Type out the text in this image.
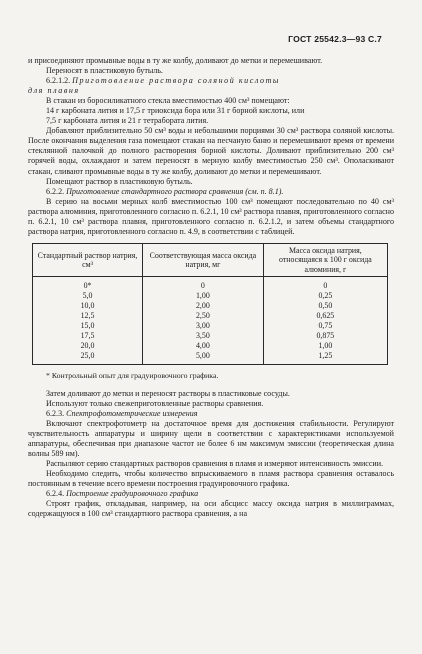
ГОСТ 25542.3—93 С.7

и присоединяют промывные воды в ту же колбу, доливают до метки и перемешивают.

Переносят в пластиковую бутыль.

6.2.1.2. Приготовление раствора соляной кислоты

для плавня

В стакан из боросиликатного стекла вместимостью 400 см³ помещают:

14 г карбоната лития и 17,5 г триоксида бора или 31 г борной кислоты, или

7,5 г карбоната лития и 21 г тетрабората лития.

Добавляют приблизительно 50 см³ воды и небольшими порциями 30 см³ раствора соляной кислоты. После окончания выделения газа помещают стакан на песчаную баню и перемешивают время от времени стеклянной палочкой до полного растворения борной кислоты. Доливают приблизительно 200 см³ горячей воды, охлаждают и затем переносят в мерную колбу вместимостью 250 см³. Ополаскивают стакан, сливают промывные воды в ту же колбу, доливают до метки и перемешивают.

Помещают раствор в пластиковую бутыль.

6.2.2. Приготовление стандартного раствора сравнения (см. п. 8.1).

В серию на восьми мерных колб вместимостью 100 см³ помещают последовательно по 40 см³ раствора алюминия, приготовленного согласно п. 6.2.1, 10 см³ раствора плавня, приготовленного согласно п. 6.2.1, 10 см³ раствора плавня, приготовленного согласно п. 6.2.1.2, и затем объемы стандартного раствора натрия, приготовленного согласно п. 4.9, в соответствии с таблицей.

Стандартный раствор натрия, см³	Соответствующая масса оксида натрия, мг	Масса оксида натрия, относящаяся к 100 г оксида алюминия, г
0*	0	0
5,0	1,00	0,25
10,0	2,00	0,50
12,5	2,50	0,625
15,0	3,00	0,75
17,5	3,50	0,875
20,0	4,00	1,00
25,0	5,00	1,25

* Контрольный опыт для градуировочного графика.

Затем доливают до метки и переносят растворы в пластиковые сосуды.

Используют только свежеприготовленные растворы сравнения.

6.2.3. Спектрофотометрические измерения

Включают спектрофотометр на достаточное время для достижения стабильности. Регулируют чувствительность аппаратуры и ширину щели в соответствии с характеристиками используемой аппаратуры, обеспечивая при диапазоне частот не более 6 нм максимум эмиссии (теоретическая длина волны 589 нм).

Распыляют серию стандартных растворов сравнения в пламя и измеряют интенсивность эмиссии.

Необходимо следить, чтобы количество впрыскиваемого в пламя раствора сравнения оставалось постоянным в течение всего времени построения градуировочного графика.

6.2.4. Построение градуировочного графика

Строят график, откладывая, например, на оси абсцисс массу оксида натрия в миллиграммах, содержащуюся в 100 см³ стандартного раствора сравнения, а на
